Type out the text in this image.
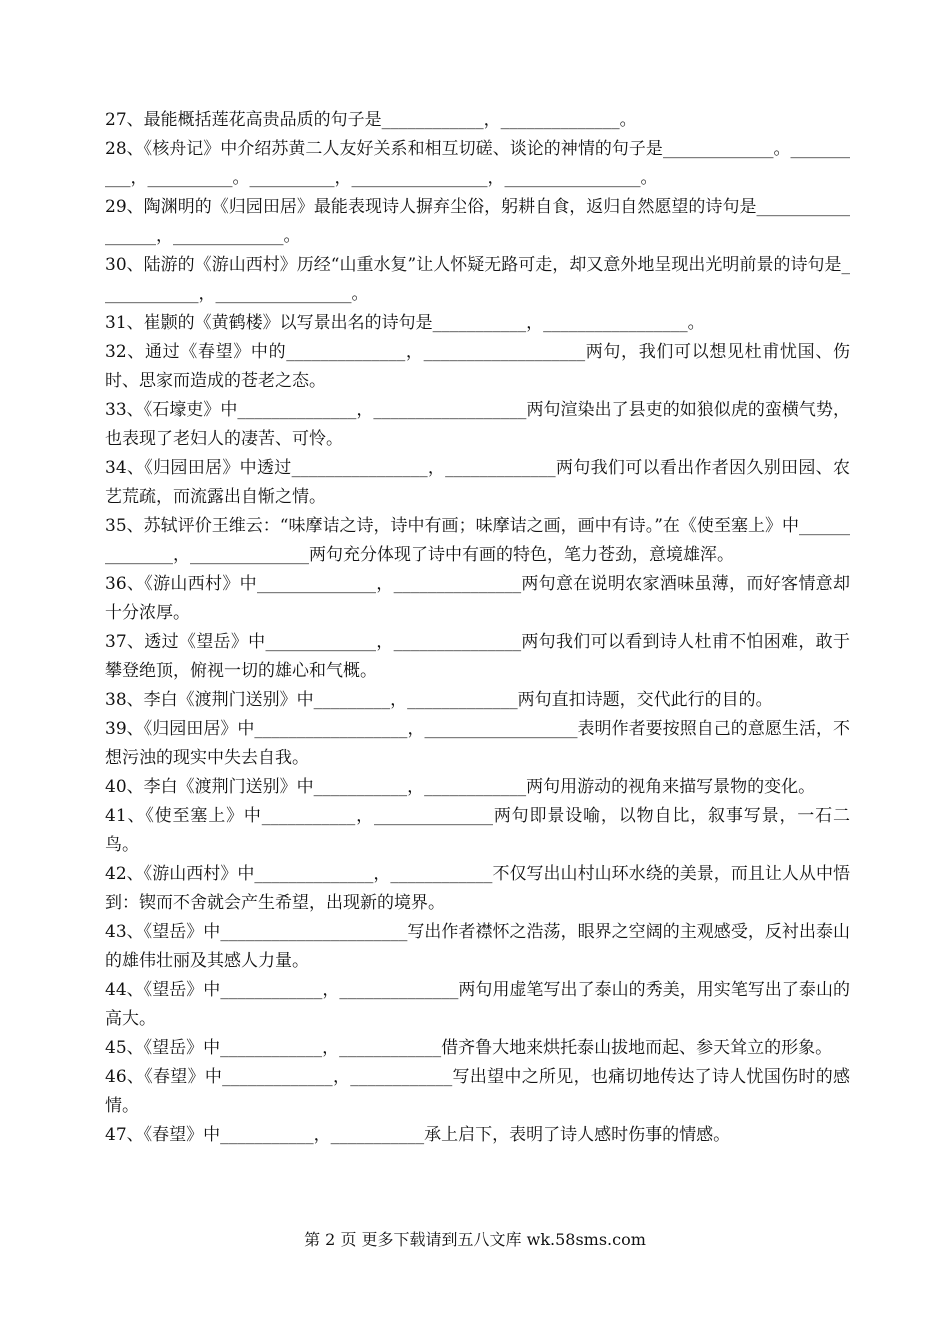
27、最能概括莲花高贵品质的句子是____________，______________。

28、《核舟记》中介绍苏黄二人友好关系和相互切磋、谈论的神情的句子是_____________。__________，__________。__________，________________，________________。

29、陶渊明的《归园田居》最能表现诗人摒弃尘俗，躬耕自食，返归自然愿望的诗句是_________________，_____________。

30、陆游的《游山西村》历经“山重水复”让人怀疑无路可走，却又意外地呈现出光明前景的诗句是____________，________________。

31、崔颢的《黄鹤楼》以写景出名的诗句是___________，_________________。

32、通过《春望》中的______________，___________________两句，我们可以想见杜甫忧国、伤时、思家而造成的苍老之态。

33、《石壕吏》中______________，__________________两句渲染出了县吏的如狼似虎的蛮横气势，也表现了老妇人的凄苦、可怜。

34、《归园田居》中透过________________，_____________两句我们可以看出作者因久别田园、农艺荒疏，而流露出自惭之情。

35、苏轼评价王维云：“味摩诘之诗，诗中有画；味摩诘之画，画中有诗。”在《使至塞上》中______________，______________两句充分体现了诗中有画的特色，笔力苍劲，意境雄浑。

36、《游山西村》中______________，_______________两句意在说明农家酒味虽薄，而好客情意却十分浓厚。

37、透过《望岳》中_____________，_______________两句我们可以看到诗人杜甫不怕困难，敢于攀登绝顶，俯视一切的雄心和气概。

38、李白《渡荆门送别》中_________，_____________两句直扣诗题，交代此行的目的。

39、《归园田居》中__________________，__________________表明作者要按照自己的意愿生活，不想污浊的现实中失去自我。

40、李白《渡荆门送别》中___________，____________两句用游动的视角来描写景物的变化。

41、《使至塞上》中___________，______________两句即景设喻，以物自比，叙事写景，一石二鸟。

42、《游山西村》中______________，____________不仅写出山村山环水绕的美景，而且让人从中悟到：锲而不舍就会产生希望，出现新的境界。

43、《望岳》中______________________写出作者襟怀之浩荡，眼界之空阔的主观感受，反衬出泰山的雄伟壮丽及其感人力量。

44、《望岳》中____________，______________两句用虚笔写出了泰山的秀美，用实笔写出了泰山的高大。

45、《望岳》中____________，____________借齐鲁大地来烘托泰山拔地而起、参天耸立的形象。

46、《春望》中_____________，____________写出望中之所见，也痛切地传达了诗人忧国伤时的感情。

47、《春望》中___________，___________承上启下，表明了诗人感时伤事的情感。

第 2 页 更多下载请到五八文库 wk.58sms.com
